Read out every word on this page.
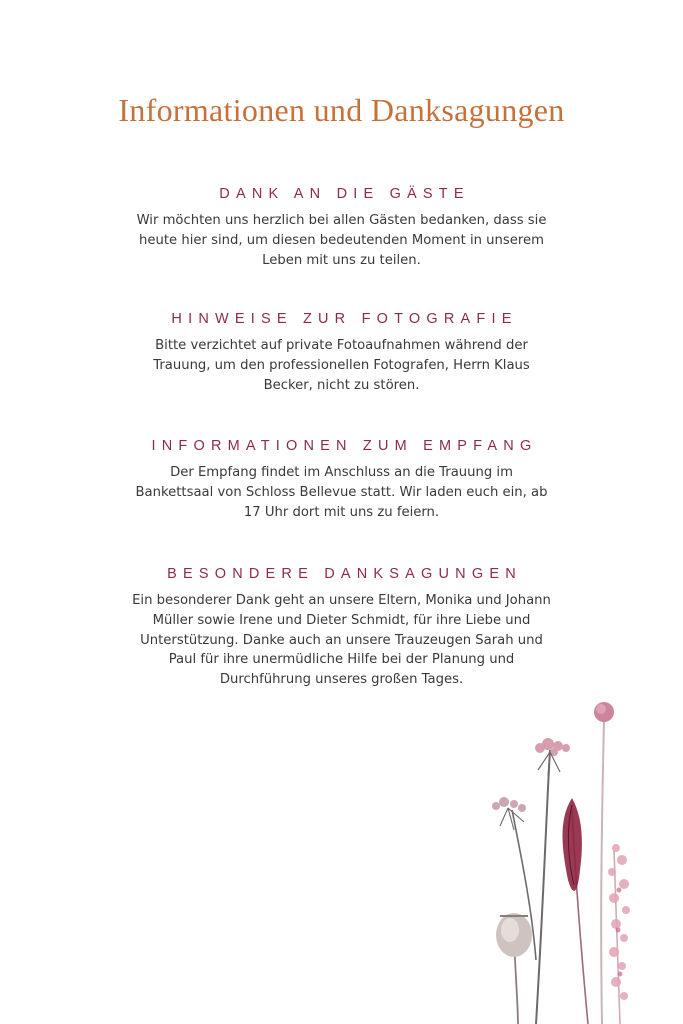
Informationen und Danksagungen
DANK AN DIE GÄSTE

Wir möchten uns herzlich bei allen Gästen bedanken, dass sie heute hier sind, um diesen bedeutenden Moment in unserem Leben mit uns zu teilen.

HINWEISE ZUR FOTOGRAFIE

Bitte verzichtet auf private Fotoaufnahmen während der Trauung, um den professionellen Fotografen, Herrn Klaus Becker, nicht zu stören.

INFORMATIONEN ZUM EMPFANG

Der Empfang findet im Anschluss an die Trauung im Bankettsaal von Schloss Bellevue statt. Wir laden euch ein, ab 17 Uhr dort mit uns zu feiern.

BESONDERE DANKSAGUNGEN

Ein besonderer Dank geht an unsere Eltern, Monika und Johann Müller sowie Irene und Dieter Schmidt, für ihre Liebe und Unterstützung. Danke auch an unsere Trauzeugen Sarah und Paul für ihre unermüdliche Hilfe bei der Planung und Durchführung unseres großen Tages.
